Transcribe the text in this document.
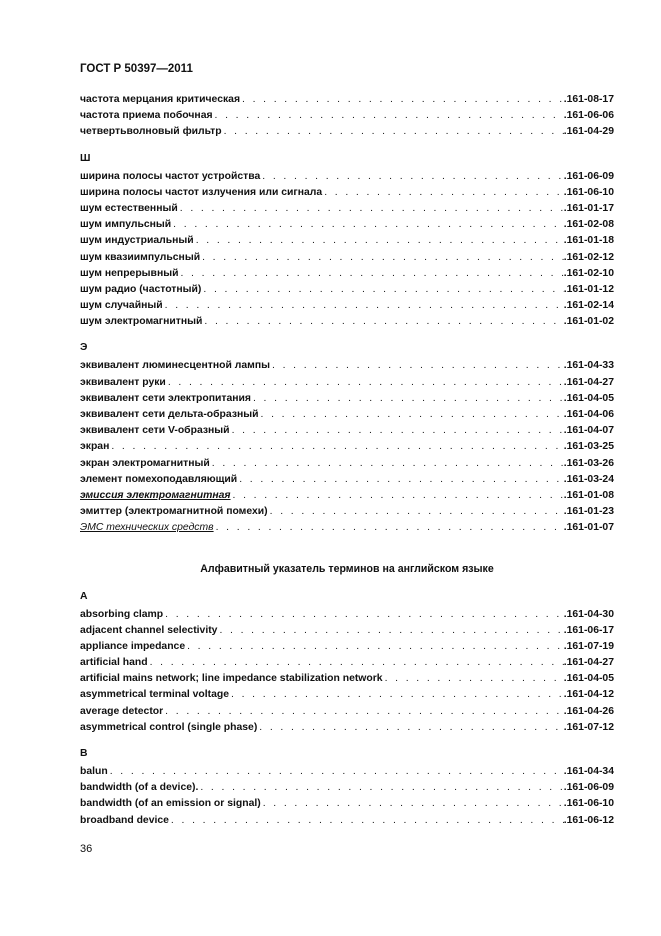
ГОСТ Р 50397—2011
частота мерцания критическая . . .	.161-08-17
частота приема побочная . . .	.161-06-06
четвертьволновый фильтр . . .	.161-04-29
Ш
ширина полосы частот устройства . . .	.161-06-09
ширина полосы частот излучения или сигнала . . .	.161-06-10
шум естественный . . .	.161-01-17
шум импульсный . . .	.161-02-08
шум индустриальный . . .	.161-01-18
шум квазиимпульсный . . .	.161-02-12
шум непрерывный . . .	.161-02-10
шум радио (частотный) . . .	.161-01-12
шум случайный . . .	.161-02-14
шум электромагнитный . . .	.161-01-02
Э
эквивалент люминесцентной лампы . . .	.161-04-33
эквивалент руки . . .	.161-04-27
эквивалент сети электропитания . . .	.161-04-05
эквивалент сети дельта-образный . . .	.161-04-06
эквивалент сети V-образный . . .	.161-04-07
экран . . .	.161-03-25
экран электромагнитный . . .	.161-03-26
элемент помехоподавляющий . . .	.161-03-24
эмиссия электромагнитная . . .	.161-01-08
эмиттер (электромагнитной помехи) . . .	.161-01-23
ЭМС технических средств . . .	.161-01-07
Алфавитный указатель терминов на английском языке
A
absorbing clamp . . .	.161-04-30
adjacent channel selectivity . . .	.161-06-17
appliance impedance . . .	.161-07-19
artificial hand . . .	.161-04-27
artificial mains network; line impedance stabilization network . . .	.161-04-05
asymmetrical terminal voltage . . .	.161-04-12
average detector . . .	.161-04-26
asymmetrical control (single phase) . . .	.161-07-12
B
balun . . .	.161-04-34
bandwidth (of a device). . . .	.161-06-09
bandwidth (of an emission or signal) . . .	.161-06-10
broadband device . . .	.161-06-12
36
